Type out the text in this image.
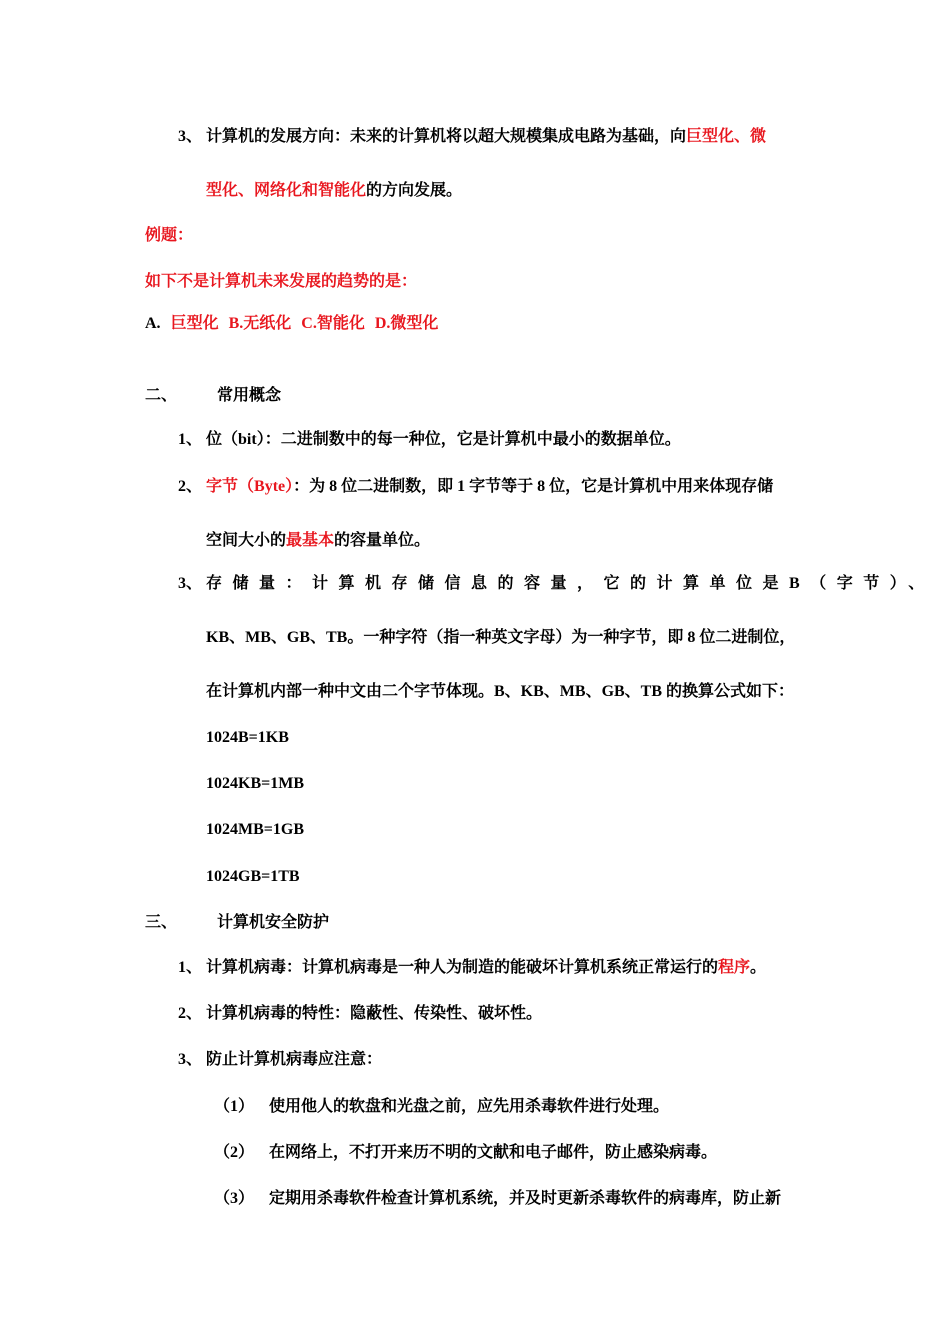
3、 计算机的发展方向：未来的计算机将以超大规模集成电路为基础，向巨型化、微
型化、网络化和智能化的方向发展。
例题：
如下不是计算机未来发展的趋势的是：
A. 巨型化 B.无纸化 C.智能化 D.微型化
二、	常用概念
1、 位（bit）：二进制数中的每一种位，它是计算机中最小的数据单位。
2、 字节（Byte）：为 8 位二进制数，即 1 字节等于 8 位，它是计算机中用来体现存储
空间大小的最基本的容量单位。
3、 存储量：计算机存储信息的容量，它的计算单位是B（字节）、
KB、MB、GB、TB。一种字符（指一种英文字母）为一种字节，即 8 位二进制位，
在计算机内部一种中文由二个字节体现。B、KB、MB、GB、TB 的换算公式如下：
1024B=1KB
1024KB=1MB
1024MB=1GB
1024GB=1TB
三、	计算机安全防护
1、 计算机病毒：计算机病毒是一种人为制造的能破坏计算机系统正常运行的程序。
2、 计算机病毒的特性：隐蔽性、传染性、破坏性。
3、 防止计算机病毒应注意：
（1） 使用他人的软盘和光盘之前，应先用杀毒软件进行处理。
（2） 在网络上，不打开来历不明的文献和电子邮件，防止感染病毒。
（3） 定期用杀毒软件检查计算机系统，并及时更新杀毒软件的病毒库，防止新
